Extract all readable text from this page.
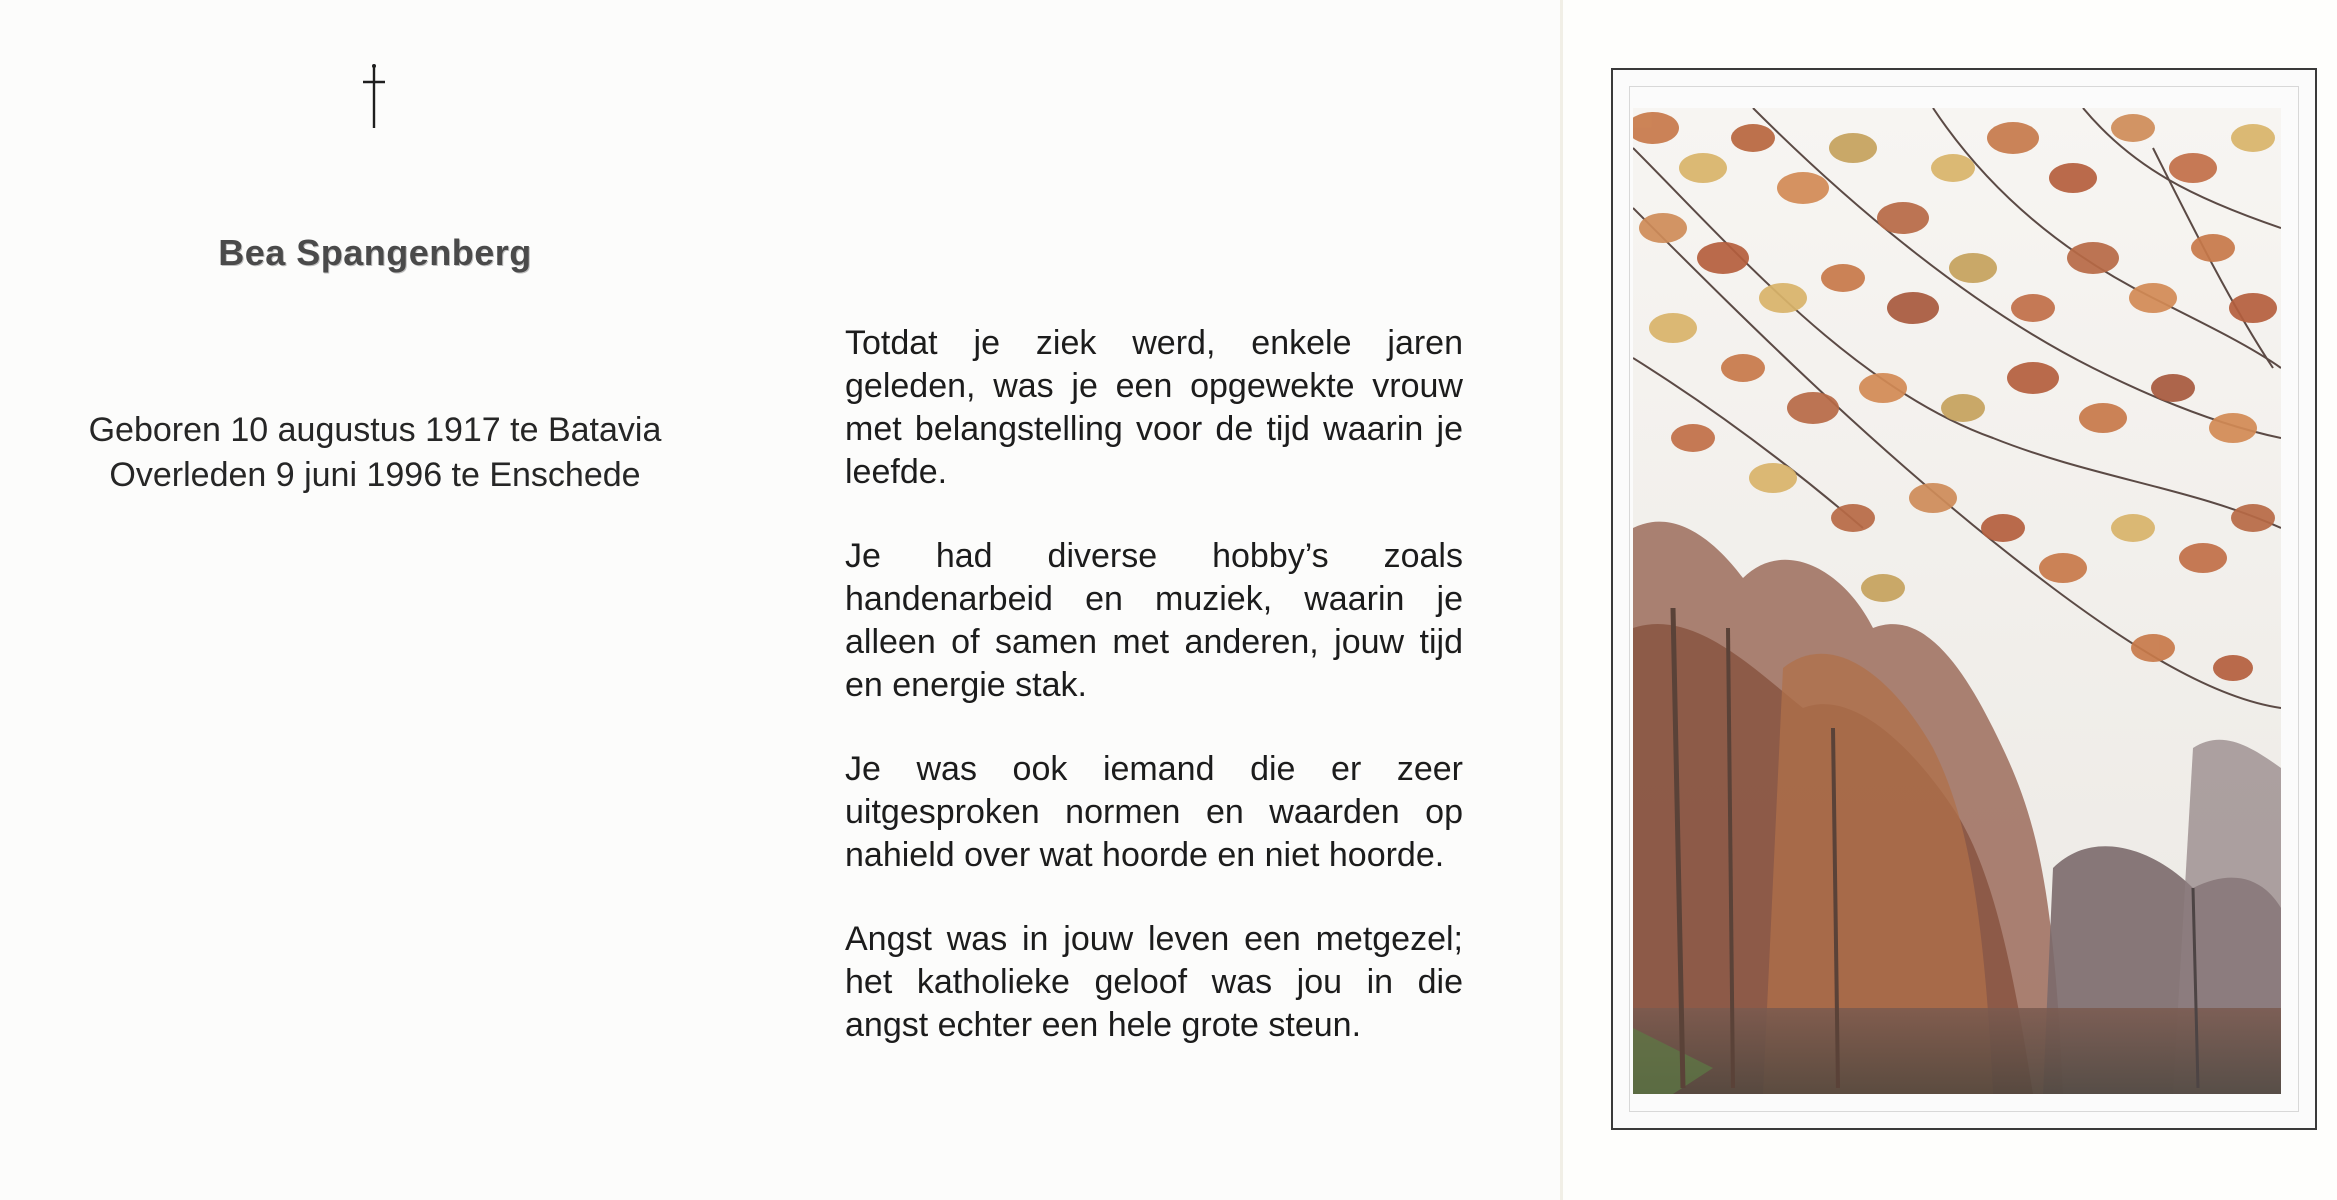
Bea Spangenberg
Geboren 10 augustus 1917 te Batavia
Overleden 9 juni 1996 te Enschede

Totdat je ziek werd, enkele jaren geleden, was je een opgewekte vrouw met belangstelling voor de tijd waarin je leefde.

Je had diverse hobby’s zoals handenarbeid en muziek, waarin je alleen of samen met anderen, jouw tijd en energie stak.

Je was ook iemand die er zeer uitgesproken normen en waarden op nahield over wat hoorde en niet hoorde.

Angst was in jouw leven een metgezel; het katholieke geloof was jou in die angst echter een hele grote steun.
